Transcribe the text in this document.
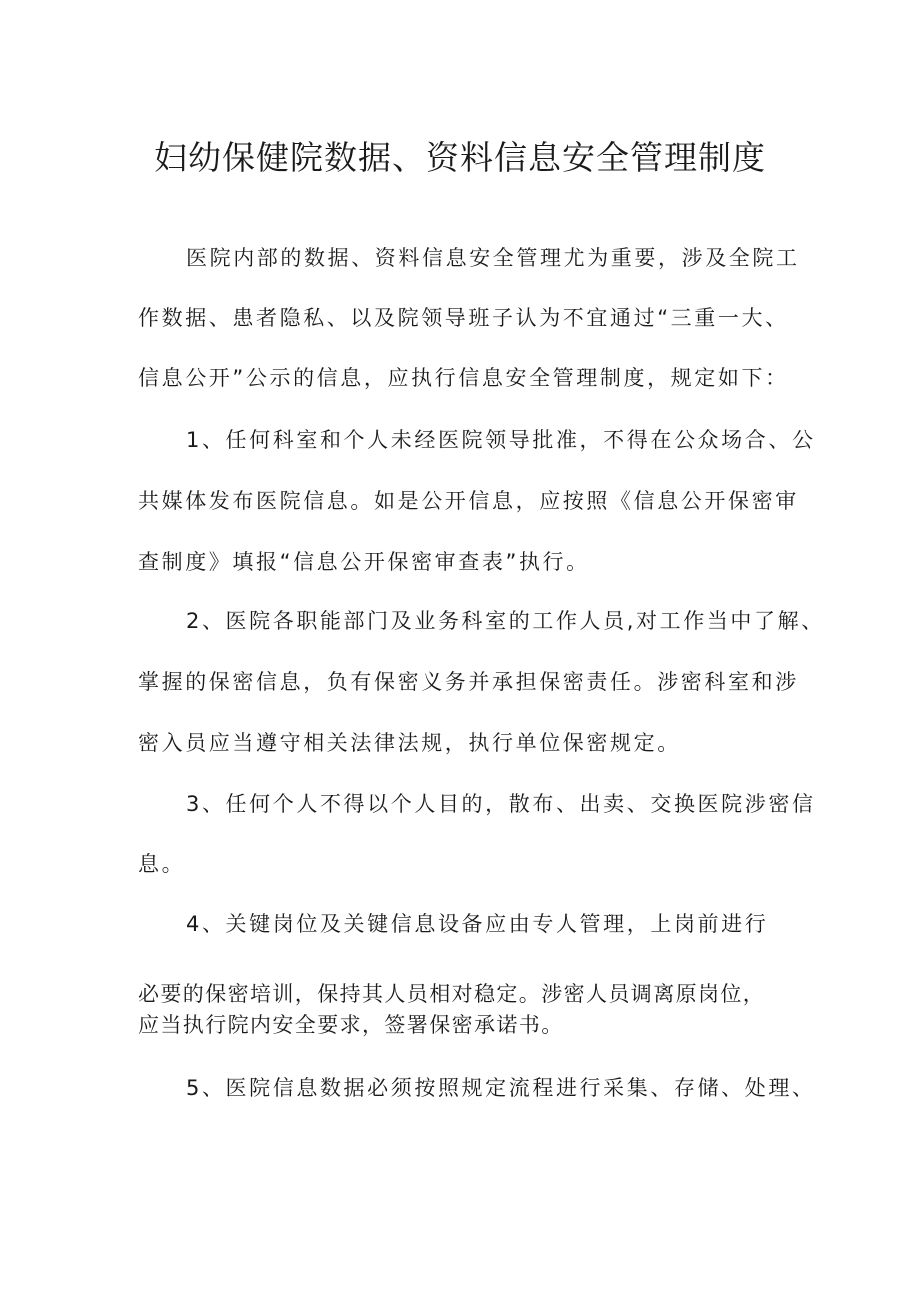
妇幼保健院数据、资料信息安全管理制度

医院内部的数据、资料信息安全管理尤为重要，涉及全院工

作数据、患者隐私、以及院领导班子认为不宜通过“三重一大、

信息公开”公示的信息，应执行信息安全管理制度，规定如下：

1、任何科室和个人未经医院领导批准，不得在公众场合、公

共媒体发布医院信息。如是公开信息，应按照《信息公开保密审

查制度》填报“信息公开保密审查表”执行。

2、医院各职能部门及业务科室的工作人员,对工作当中了解、

掌握的保密信息，负有保密义务并承担保密责任。涉密科室和涉

密入员应当遵守相关法律法规，执行单位保密规定。

3、任何个人不得以个人目的，散布、出卖、交换医院涉密信

息。

4、关键岗位及关键信息设备应由专人管理，上岗前进行

必要的保密培训，保持其人员相对稳定。涉密人员调离原岗位，

应当执行院内安全要求，签署保密承诺书。

5、医院信息数据必须按照规定流程进行采集、存储、处理、
